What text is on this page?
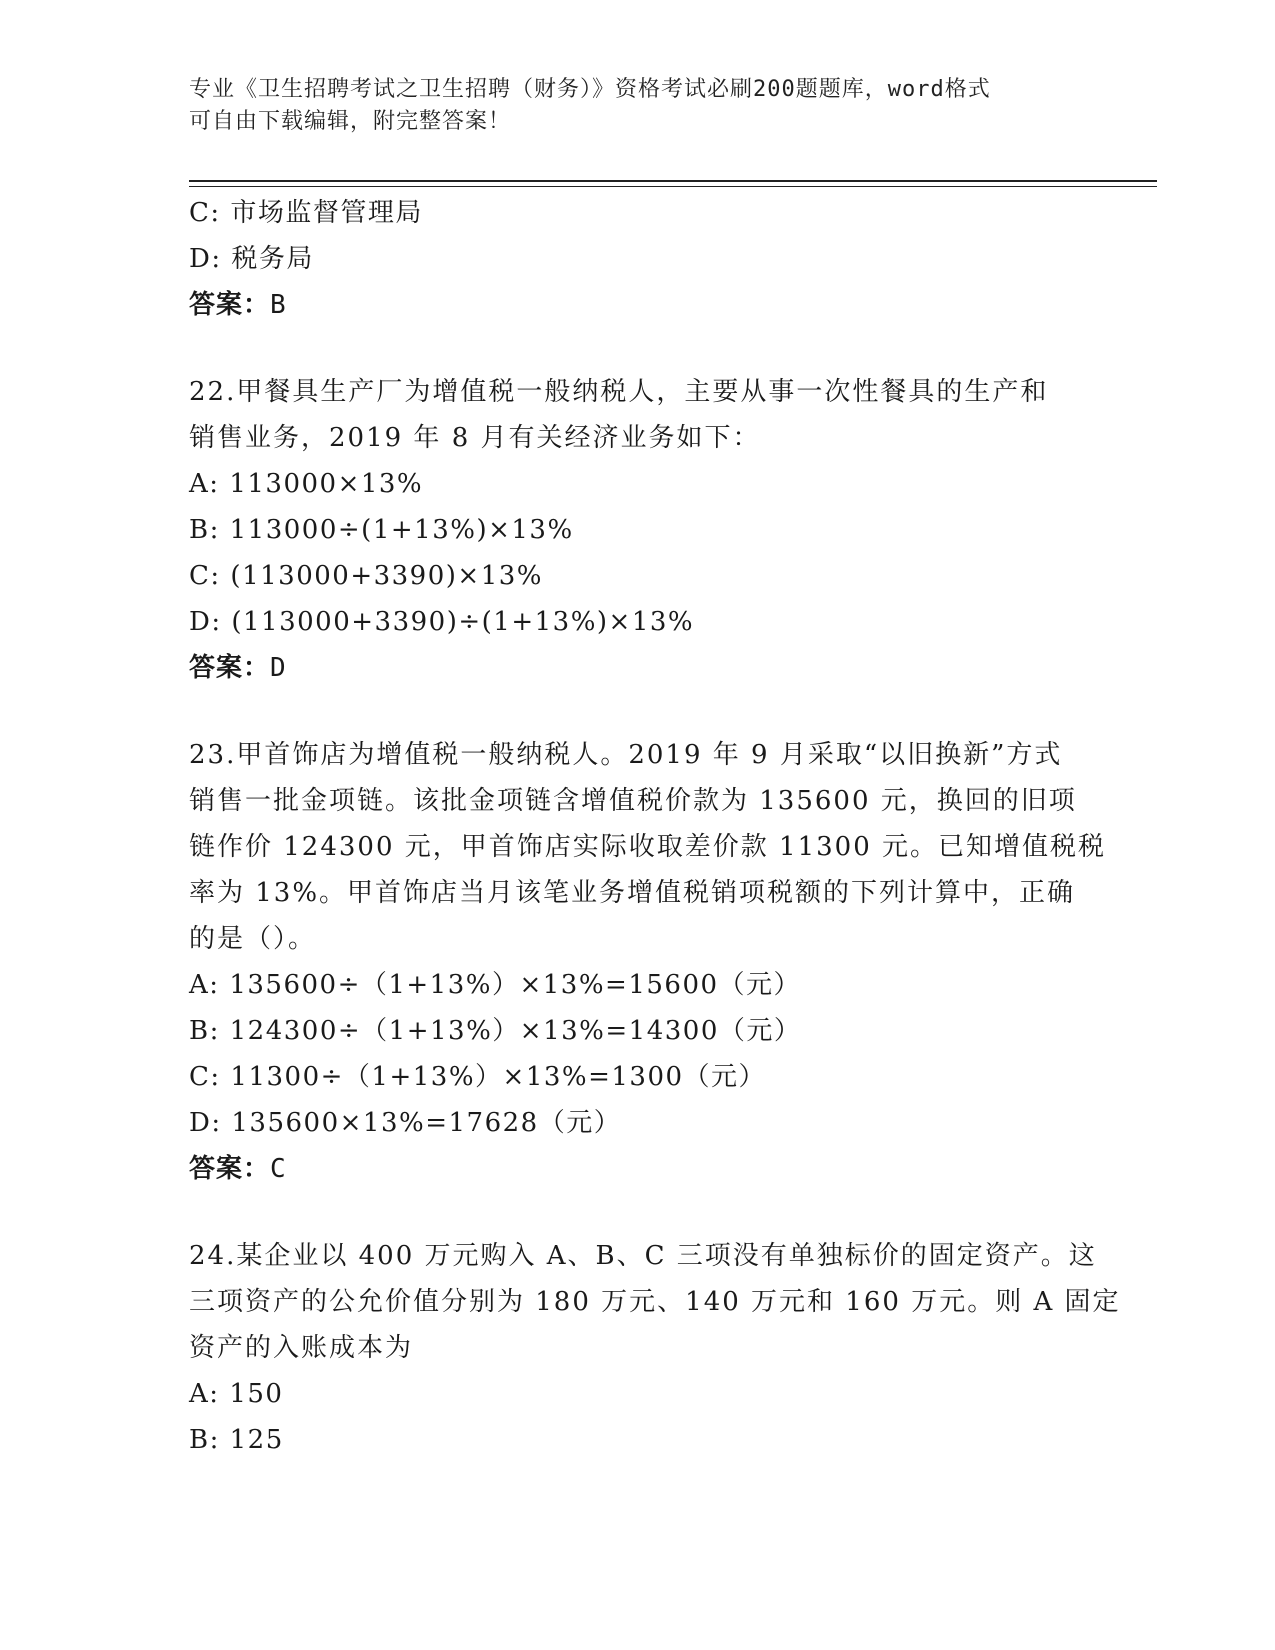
专业《卫生招聘考试之卫生招聘（财务）》资格考试必刷200题题库，word格式
可自由下载编辑，附完整答案！
C: 市场监督管理局
D: 税务局
答案：B
22.甲餐具生产厂为增值税一般纳税人，主要从事一次性餐具的生产和
销售业务，2019 年 8 月有关经济业务如下：
A: 113000×13%
B: 113000÷(1+13%)×13%
C: (113000+3390)×13%
D: (113000+3390)÷(1+13%)×13%
答案：D
23.甲首饰店为增值税一般纳税人。2019 年 9 月采取“以旧换新”方式
销售一批金项链。该批金项链含增值税价款为 135600 元，换回的旧项
链作价 124300 元，甲首饰店实际收取差价款 11300 元。已知增值税税
率为 13%。甲首饰店当月该笔业务增值税销项税额的下列计算中，正确
的是（）。
A: 135600÷（1+13%）×13%=15600（元）
B: 124300÷（1+13%）×13%=14300（元）
C: 11300÷（1+13%）×13%=1300（元）
D: 135600×13%=17628（元）
答案：C
24.某企业以 400 万元购入 A、B、C 三项没有单独标价的固定资产。这
三项资产的公允价值分别为 180 万元、140 万元和 160 万元。则 A 固定
资产的入账成本为
A: 150
B: 125
